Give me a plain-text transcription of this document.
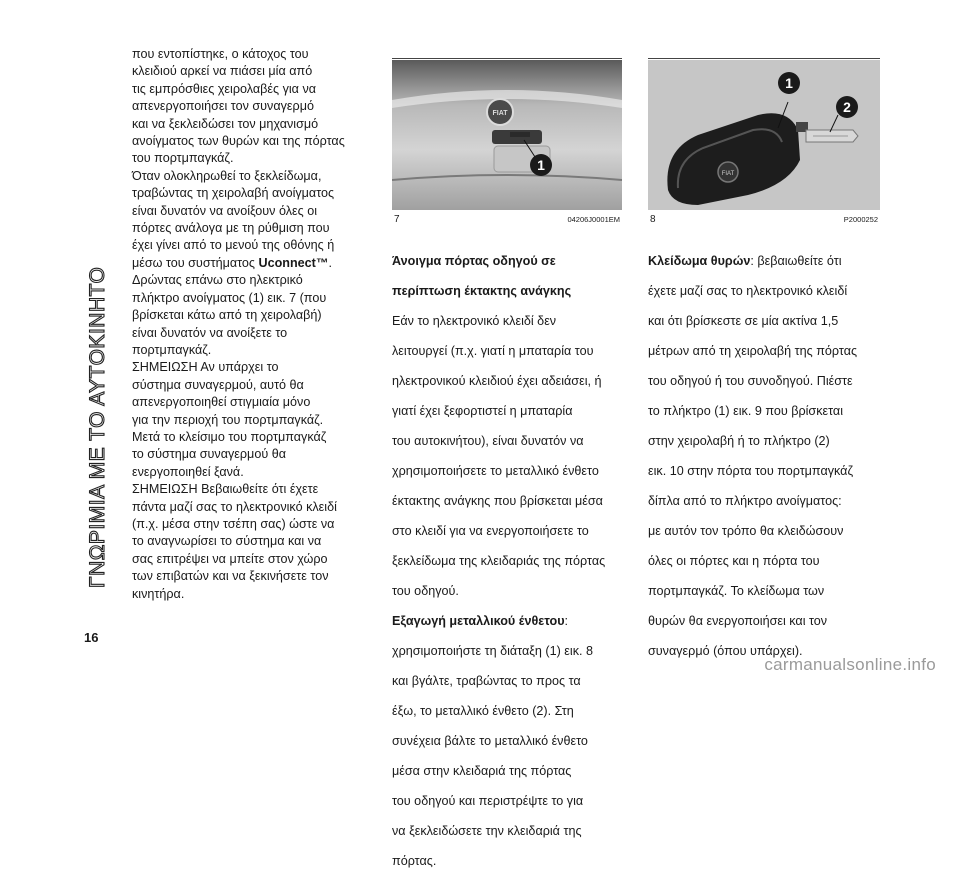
ΓΝΩΡΙΜΙΑ ΜΕ ΤΟ ΑΥΤΟΚΙΝΗΤΟ

που εντοπίστηκε, ο κάτοχος του

κλειδιού αρκεί να πιάσει μία από

τις εμπρόσθιες χειρολαβές για να

απενεργοποιήσει τον συναγερμό

και να ξεκλειδώσει τον μηχανισμό

ανοίγματος των θυρών και της πόρτας

του πορτμπαγκάζ.

Όταν ολοκληρωθεί το ξεκλείδωμα,

τραβώντας τη χειρολαβή ανοίγματος

είναι δυνατόν να ανοίξουν όλες οι

πόρτες ανάλογα με τη ρύθμιση που

έχει γίνει από το μενού της οθόνης ή

μέσω του συστήματος Uconnect™.

Δρώντας επάνω στο ηλεκτρικό

πλήκτρο ανοίγματος (1) εικ. 7 (που

βρίσκεται κάτω από τη χειρολαβή)

είναι δυνατόν να ανοίξετε το

πορτμπαγκάζ.

ΣΗΜΕΙΩΣΗ Αν υπάρχει το

σύστημα συναγερμού, αυτό θα

απενεργοποιηθεί στιγμιαία μόνο

για την περιοχή του πορτμπαγκάζ.

Μετά το κλείσιμο του πορτμπαγκάζ

το σύστημα συναγερμού θα

ενεργοποιηθεί ξανά.

ΣΗΜΕΙΩΣΗ Βεβαιωθείτε ότι έχετε

πάντα μαζί σας το ηλεκτρονικό κλειδί

(π.χ. μέσα στην τσέπη σας) ώστε να

το αναγνωρίσει το σύστημα και να

σας επιτρέψει να μπείτε στον χώρο

των επιβατών και να ξεκινήσετε τον

κινητήρα.

FIAT
1
7	04206J0001EM

Άνοιγμα πόρτας οδηγού σε

περίπτωση έκτακτης ανάγκης

Εάν το ηλεκτρονικό κλειδί δεν

λειτουργεί (π.χ. γιατί η μπαταρία του

ηλεκτρονικού κλειδιού έχει αδειάσει, ή

γιατί έχει ξεφορτιστεί η μπαταρία

του αυτοκινήτου), είναι δυνατόν να

χρησιμοποιήσετε το μεταλλικό ένθετο

έκτακτης ανάγκης που βρίσκεται μέσα

στο κλειδί για να ενεργοποιήσετε το

ξεκλείδωμα της κλειδαριάς της πόρτας

του οδηγού.

Εξαγωγή μεταλλικού ένθετου:

χρησιμοποιήστε τη διάταξη (1) εικ. 8

και βγάλτε, τραβώντας το προς τα

έξω, το μεταλλικό ένθετο (2). Στη

συνέχεια βάλτε το μεταλλικό ένθετο

μέσα στην κλειδαριά της πόρτας

του οδηγού και περιστρέψτε το για

να ξεκλειδώσετε την κλειδαριά της

πόρτας.

FIAT
1
2
8	P2000252

Κλείδωμα θυρών: βεβαιωθείτε ότι

έχετε μαζί σας το ηλεκτρονικό κλειδί

και ότι βρίσκεστε σε μία ακτίνα 1,5

μέτρων από τη χειρολαβή της πόρτας

του οδηγού ή του συνοδηγού. Πιέστε

το πλήκτρο (1) εικ. 9 που βρίσκεται

στην χειρολαβή ή το πλήκτρο (2)

εικ. 10 στην πόρτα του πορτμπαγκάζ

δίπλα από το πλήκτρο ανοίγματος:

με αυτόν τον τρόπο θα κλειδώσουν

όλες οι πόρτες και η πόρτα του

πορτμπαγκάζ. Το κλείδωμα των

θυρών θα ενεργοποιήσει και τον

συναγερμό (όπου υπάρχει).

16
carmanualsonline.info
